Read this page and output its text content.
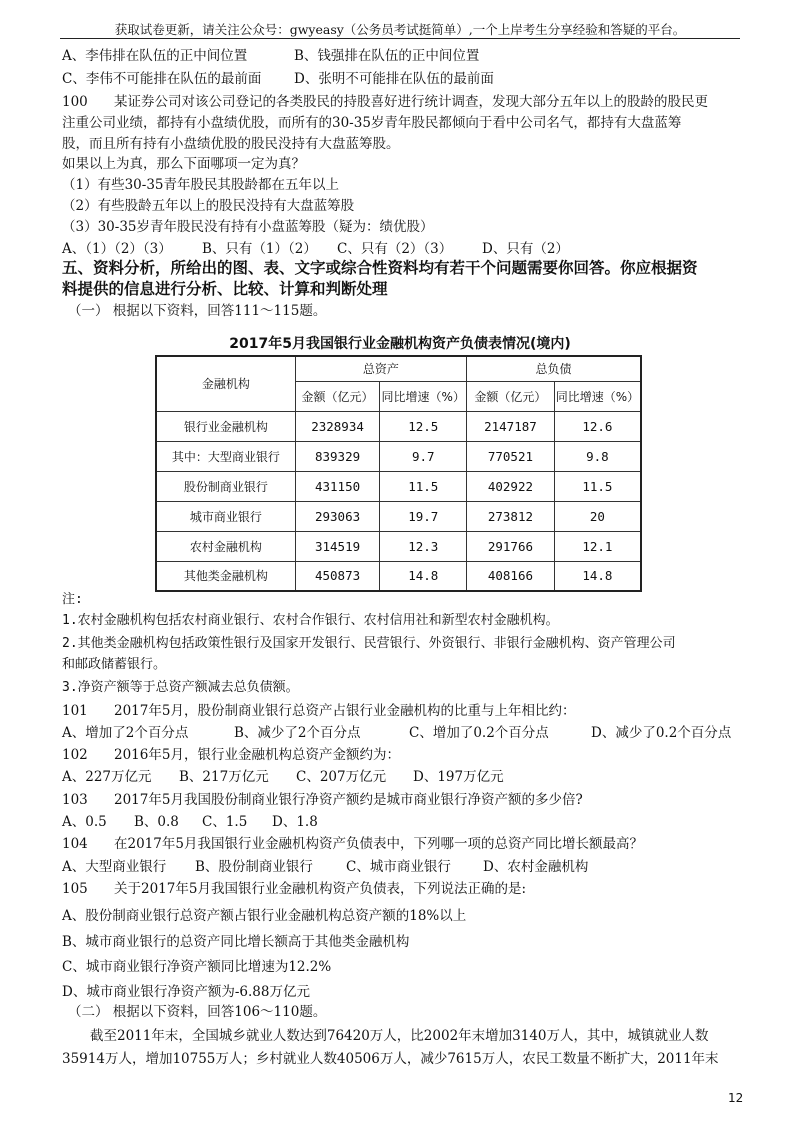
获取试卷更新，请关注公众号：gwyeasy（公务员考试挺简单）,一个上岸考生分享经验和答疑的平台。
A、李伟排在队伍的正中间位置	B、钱强排在队伍的正中间位置
C、李伟不可能排在队伍的最前面 D、张明不可能排在队伍的最前面
100 某证券公司对该公司登记的各类股民的持股喜好进行统计调查，发现大部分五年以上的股龄的股民更
注重公司业绩，都持有小盘绩优股，而所有的30-35岁青年股民都倾向于看中公司名气，都持有大盘蓝筹
股，而且所有持有小盘绩优股的股民没持有大盘蓝筹股。
如果以上为真，那么下面哪项一定为真？
（1）有些30-35青年股民其股龄都在五年以上
（2）有些股龄五年以上的股民没持有大盘蓝筹股
（3）30-35岁青年股民没有持有小盘蓝筹股（疑为：绩优股）
A、（1）（2）（3） B、只有（1）（2） C、只有（2）（3） D、只有（2）
五、资料分析，所给出的图、表、文字或综合性资料均有若干个问题需要你回答。你应根据资
料提供的信息进行分析、比较、计算和判断处理
（一） 根据以下资料，回答111～115题。
2017年5月我国银行业金融机构资产负债表情况(境内)
金融机构	总资产		总负债	
	金额（亿元）	同比增速（%）	金额（亿元）	同比增速（%）
银行业金融机构	2328934	12.5	2147187	12.6
其中：大型商业银行	839329	9.7	770521	9.8
股份制商业银行	431150	11.5	402922	11.5
城市商业银行	293063	19.7	273812	20
农村金融机构	314519	12.3	291766	12.1
其他类金融机构	450873	14.8	408166	14.8
注:
1.农村金融机构包括农村商业银行、农村合作银行、农村信用社和新型农村金融机构。
2.其他类金融机构包括政策性银行及国家开发银行、民营银行、外资银行、非银行金融机构、资产管理公司
和邮政储蓄银行。
3.净资产额等于总资产额减去总负债额。
101 2017年5月，股份制商业银行总资产占银行业金融机构的比重与上年相比约：
A、增加了2个百分点	B、减少了2个百分点	C、增加了0.2个百分点	D、减少了0.2个百分点
102 2016年5月，银行业金融机构总资产金额约为：
A、227万亿元 B、217万亿元 C、207万亿元 D、197万亿元
103 2017年5月我国股份制商业银行净资产额约是城市商业银行净资产额的多少倍?
A、0.5 B、0.8 C、1.5 D、1.8
104 在2017年5月我国银行业金融机构资产负债表中，下列哪一项的总资产同比增长额最高？
A、大型商业银行 B、股份制商业银行 C、城市商业银行 D、农村金融机构
105 关于2017年5月我国银行业金融机构资产负债表，下列说法正确的是:
A、股份制商业银行总资产额占银行业金融机构总资产额的18%以上
B、城市商业银行的总资产同比增长额高于其他类金融机构
C、城市商业银行净资产额同比增速为12.2%
D、城市商业银行净资产额为-6.88万亿元
（二） 根据以下资料，回答106～110题。
截至2011年末，全国城乡就业人数达到76420万人，比2002年末增加3140万人，其中，城镇就业人数
35914万人，增加10755万人；乡村就业人数40506万人，减少7615万人，农民工数量不断扩大，2011年末
12
